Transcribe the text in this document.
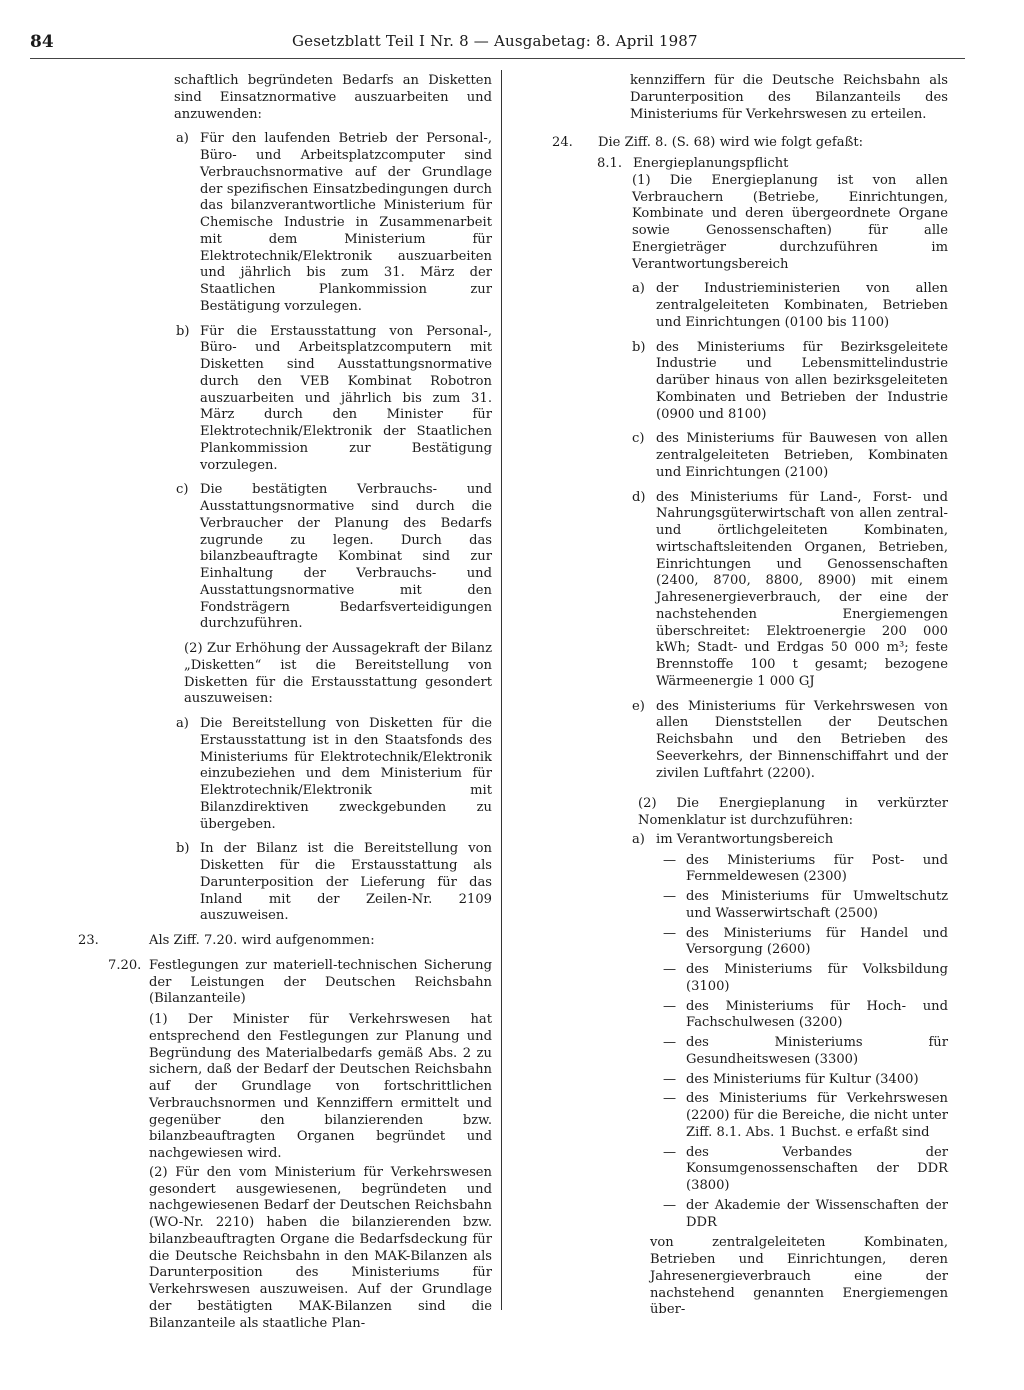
84	Gesetzblatt Teil I Nr. 8 — Ausgabetag: 8. April 1987

schaftlich begründeten Bedarfs an Disketten sind Einsatznormative auszuarbeiten und anzuwenden:

a) Für den laufenden Betrieb der Personal-, Büro- und Arbeitsplatzcomputer sind Verbrauchsnormative auf der Grundlage der spezifischen Einsatzbedingungen durch das bilanzverantwortliche Ministerium für Chemische Industrie in Zusammenarbeit mit dem Ministerium für Elektrotechnik/Elektronik auszuarbeiten und jährlich bis zum 31. März der Staatlichen Plankommission zur Bestätigung vorzulegen.
b) Für die Erstausstattung von Personal-, Büro- und Arbeitsplatzcomputern mit Disketten sind Ausstattungsnormative durch den VEB Kombinat Robotron auszuarbeiten und jährlich bis zum 31. März durch den Minister für Elektrotechnik/Elektronik der Staatlichen Plankommission zur Bestätigung vorzulegen.
c) Die bestätigten Verbrauchs- und Ausstattungsnormative sind durch die Verbraucher der Planung des Bedarfs zugrunde zu legen. Durch das bilanzbeauftragte Kombinat sind zur Einhaltung der Verbrauchs- und Ausstattungsnormative mit den Fondsträgern Bedarfsverteidigungen durchzuführen.

(2) Zur Erhöhung der Aussagekraft der Bilanz „Disketten“ ist die Bereitstellung von Disketten für die Erstausstattung gesondert auszuweisen:

a) Die Bereitstellung von Disketten für die Erstausstattung ist in den Staatsfonds des Ministeriums für Elektrotechnik/Elektronik einzubeziehen und dem Ministerium für Elektrotechnik/Elektronik mit Bilanzdirektiven zweckgebunden zu übergeben.
b) In der Bilanz ist die Bereitstellung von Disketten für die Erstausstattung als Darunterposition der Lieferung für das Inland mit der Zeilen-Nr. 2109 auszuweisen.
23.	Als Ziff. 7.20. wird aufgenommen:
7.20. Festlegungen zur materiell-technischen Sicherung der Leistungen der Deutschen Reichsbahn (Bilanzanteile)

(1) Der Minister für Verkehrswesen hat entsprechend den Festlegungen zur Planung und Begründung des Materialbedarfs gemäß Abs. 2 zu sichern, daß der Bedarf der Deutschen Reichsbahn auf der Grundlage von fortschrittlichen Verbrauchsnormen und Kennziffern ermittelt und gegenüber den bilanzierenden bzw. bilanzbeauftragten Organen begründet und nachgewiesen wird.

(2) Für den vom Ministerium für Verkehrswesen gesondert ausgewiesenen, begründeten und nachgewiesenen Bedarf der Deutschen Reichsbahn (WO-Nr. 2210) haben die bilanzierenden bzw. bilanzbeauftragten Organe die Bedarfsdeckung für die Deutsche Reichsbahn in den MAK-Bilanzen als Darunterposition des Ministeriums für Verkehrswesen auszuweisen. Auf der Grundlage der bestätigten MAK-Bilanzen sind die Bilanzanteile als staatliche Plan-

kennziffern für die Deutsche Reichsbahn als Darunterposition des Bilanzanteils des Ministeriums für Verkehrswesen zu erteilen.

24. Die Ziff. 8. (S. 68) wird wie folgt gefaßt:
8.1. Energieplanungspflicht

(1) Die Energieplanung ist von allen Verbrauchern (Betriebe, Einrichtungen, Kombinate und deren übergeordnete Organe sowie Genossenschaften) für alle Energieträger durchzuführen im Verantwortungsbereich

a) der Industrieministerien von allen zentralgeleiteten Kombinaten, Betrieben und Einrichtungen (0100 bis 1100)
b) des Ministeriums für Bezirksgeleitete Industrie und Lebensmittelindustrie darüber hinaus von allen bezirksgeleiteten Kombinaten und Betrieben der Industrie (0900 und 8100)
c) des Ministeriums für Bauwesen von allen zentralgeleiteten Betrieben, Kombinaten und Einrichtungen (2100)
d) des Ministeriums für Land-, Forst- und Nahrungsgüterwirtschaft von allen zentral- und örtlichgeleiteten Kombinaten, wirtschaftsleitenden Organen, Betrieben, Einrichtungen und Genossenschaften (2400, 8700, 8800, 8900) mit einem Jahresenergieverbrauch, der eine der nachstehenden Energiemengen überschreitet: Elektroenergie 200 000 kWh; Stadt- und Erdgas 50 000 m³; feste Brennstoffe 100 t gesamt; bezogene Wärmeenergie 1 000 GJ
e) des Ministeriums für Verkehrswesen von allen Dienststellen der Deutschen Reichsbahn und den Betrieben des Seeverkehrs, der Binnenschiffahrt und der zivilen Luftfahrt (2200).

(2) Die Energieplanung in verkürzter Nomenklatur ist durchzuführen:

a) im Verantwortungsbereich
— des Ministeriums für Post- und Fernmeldewesen (2300)
— des Ministeriums für Umweltschutz und Wasserwirtschaft (2500)
— des Ministeriums für Handel und Versorgung (2600)
— des Ministeriums für Volksbildung (3100)
— des Ministeriums für Hoch- und Fachschulwesen (3200)
— des Ministeriums für Gesundheitswesen (3300)
— des Ministeriums für Kultur (3400)
— des Ministeriums für Verkehrswesen (2200) für die Bereiche, die nicht unter Ziff. 8.1. Abs. 1 Buchst. e erfaßt sind
— des Verbandes der Konsumgenossenschaften der DDR (3800)
— der Akademie der Wissenschaften der DDR

von zentralgeleiteten Kombinaten, Betrieben und Einrichtungen, deren Jahresenergieverbrauch eine der nachstehend genannten Energiemengen über-
